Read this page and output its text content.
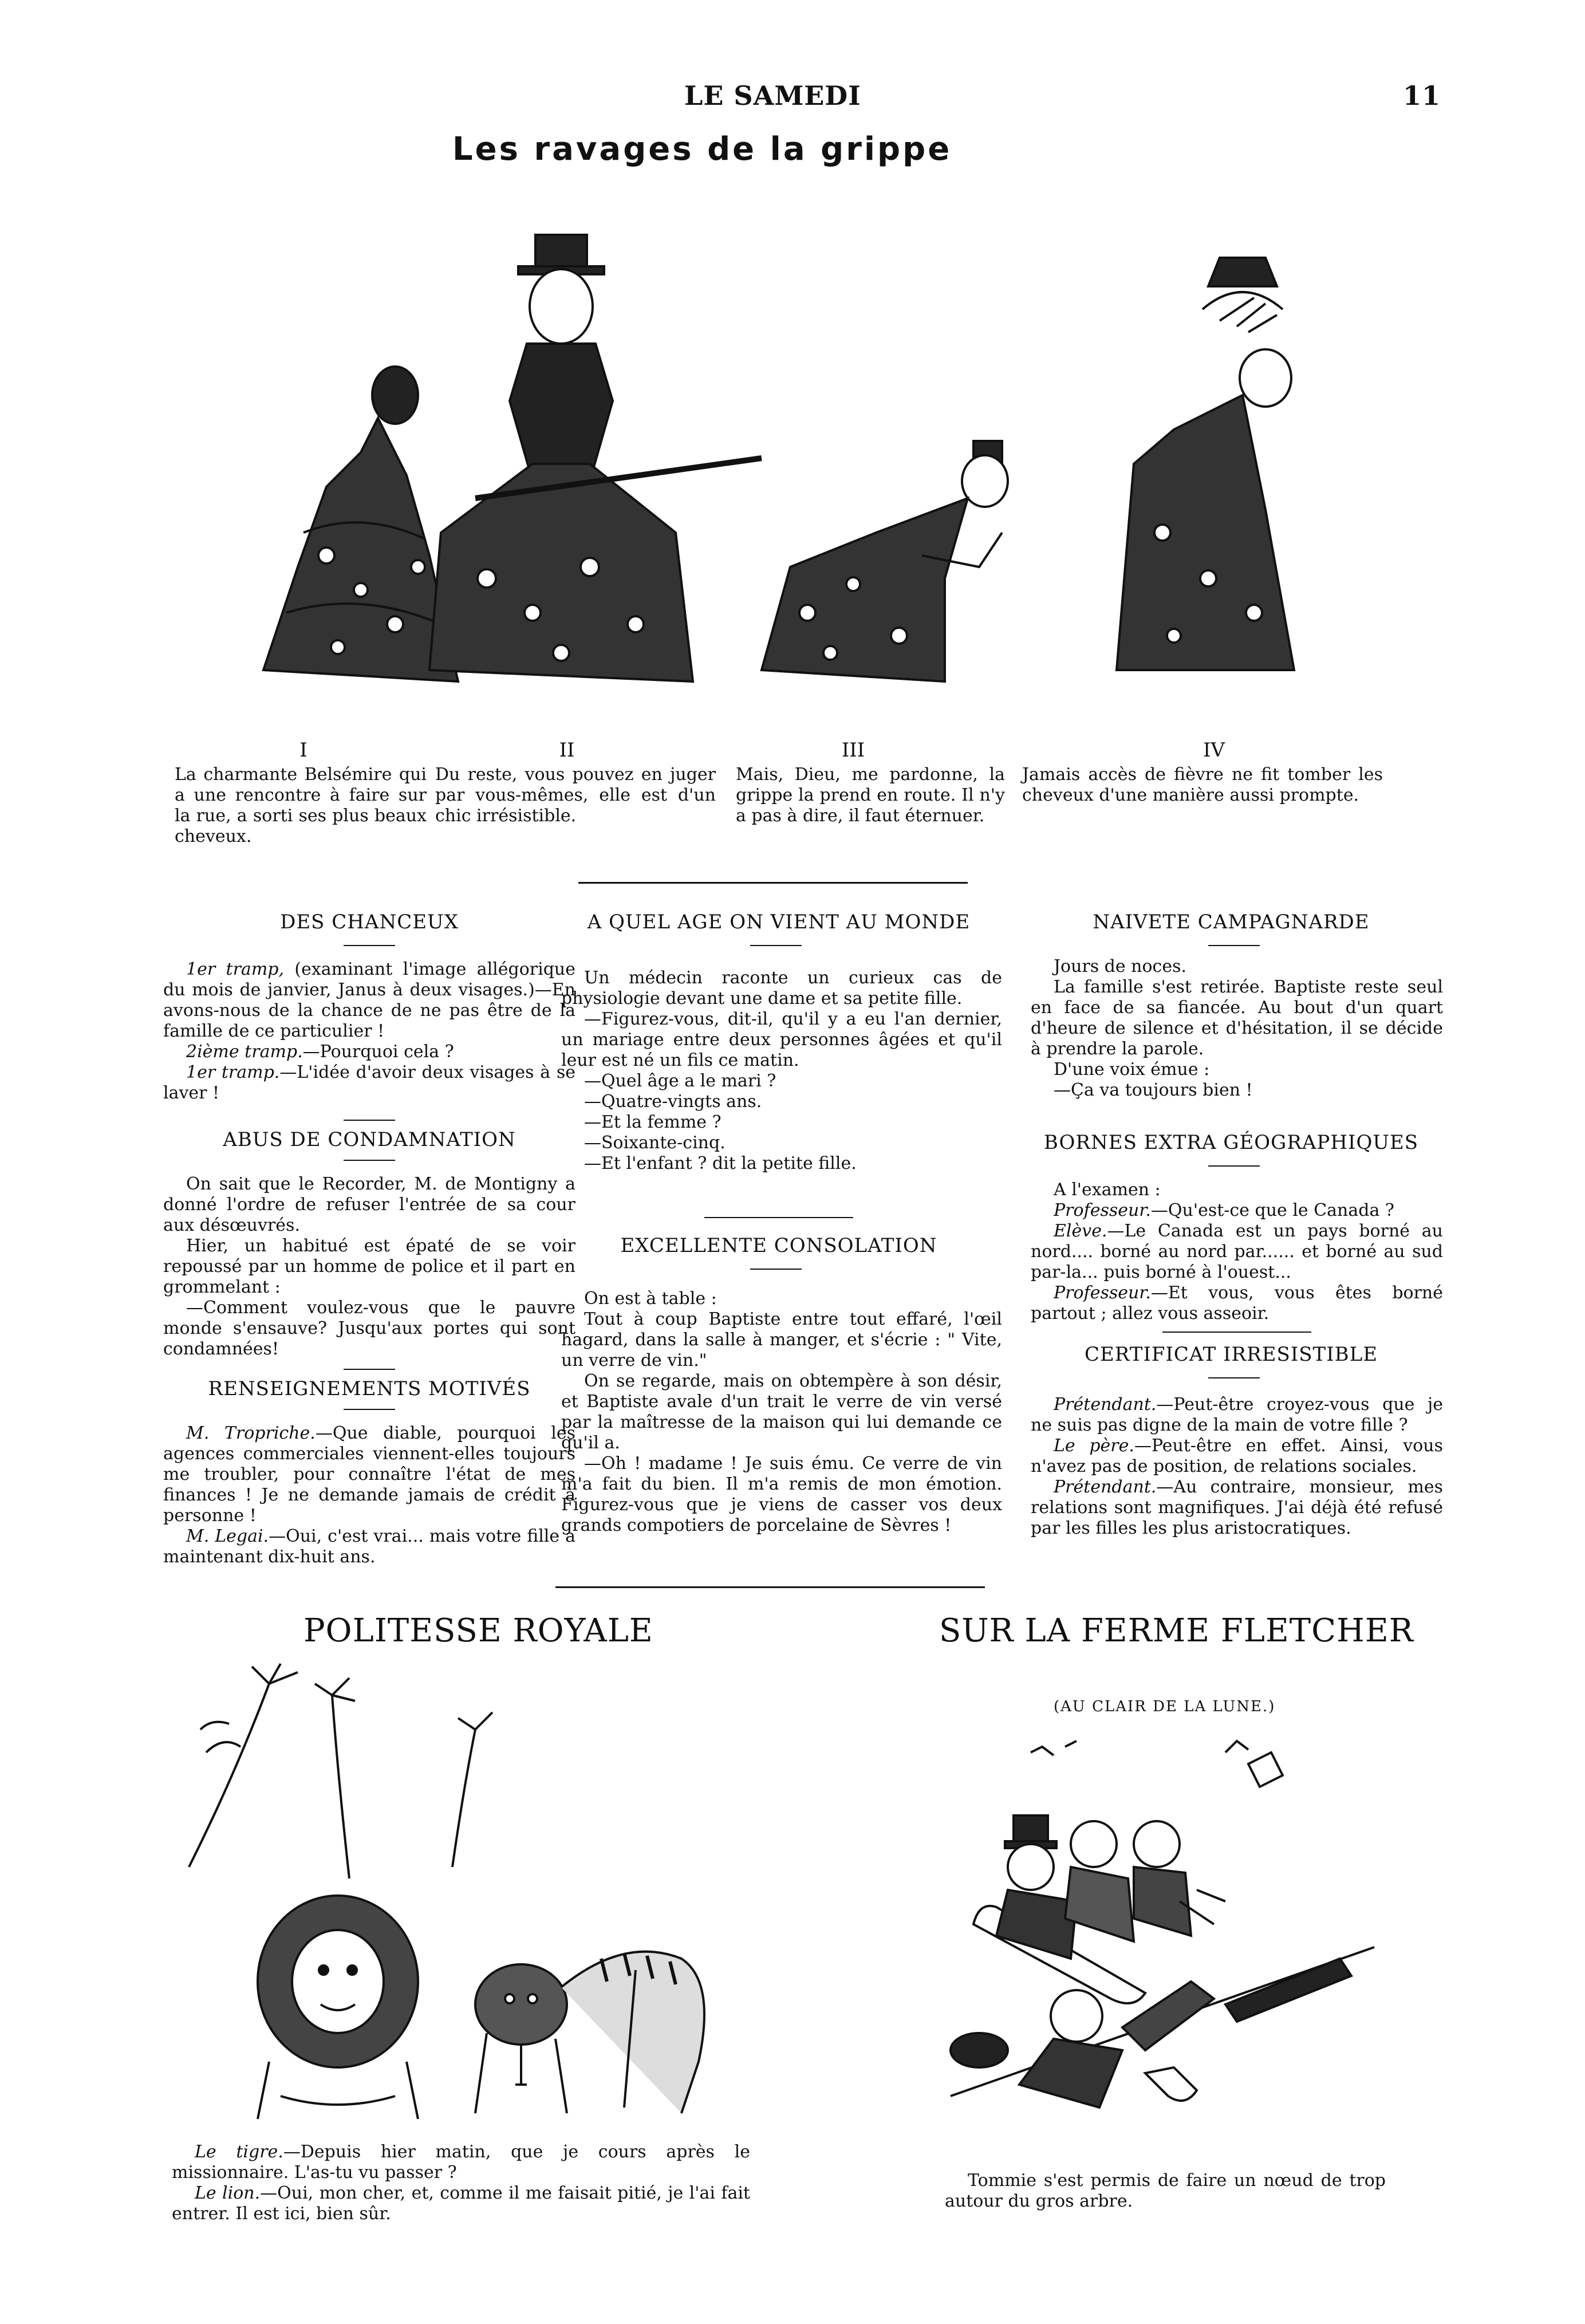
LE SAMEDI	11
Les ravages de la grippe
I	II	III	IV
La charmante Belsémire qui a une rencontre à faire sur la rue, a sorti ses plus beaux cheveux.
Du reste, vous pouvez en juger par vous-mêmes, elle est d'un chic irrésistible.
Mais, Dieu, me pardonne, la grippe la prend en route. Il n'y a pas à dire, il faut éternuer.
Jamais accès de fièvre ne fit tomber les cheveux d'une manière aussi prompte.
DES CHANCEUX

1er tramp, (examinant l'image allégorique du mois de janvier, Janus à deux visages.)—En avons-nous de la chance de ne pas être de la famille de ce particulier !

2ième tramp.—Pourquoi cela ?

1er tramp.—L'idée d'avoir deux visages à se laver !

ABUS DE CONDAMNATION

On sait que le Recorder, M. de Montigny a donné l'ordre de refuser l'entrée de sa cour aux désœuvrés.

Hier, un habitué est épaté de se voir repoussé par un homme de police et il part en grommelant :

—Comment voulez-vous que le pauvre monde s'ensauve? Jusqu'aux portes qui sont condamnées!

RENSEIGNEMENTS MOTIVÉS

M. Tropriche.—Que diable, pourquoi les agences commerciales viennent-elles toujours me troubler, pour connaître l'état de mes finances ! Je ne demande jamais de crédit à personne !

M. Legai.—Oui, c'est vrai... mais votre fille a maintenant dix-huit ans.

A QUEL AGE ON VIENT AU MONDE

Un médecin raconte un curieux cas de physiologie devant une dame et sa petite fille.

—Figurez-vous, dit-il, qu'il y a eu l'an dernier, un mariage entre deux personnes âgées et qu'il leur est né un fils ce matin.

—Quel âge a le mari ?

—Quatre-vingts ans.

—Et la femme ?

—Soixante-cinq.

—Et l'enfant ? dit la petite fille.

EXCELLENTE CONSOLATION

On est à table :

Tout à coup Baptiste entre tout effaré, l'œil hagard, dans la salle à manger, et s'écrie : " Vite, un verre de vin."

On se regarde, mais on obtempère à son désir, et Baptiste avale d'un trait le verre de vin versé par la maîtresse de la maison qui lui demande ce qu'il a.

—Oh ! madame ! Je suis ému. Ce verre de vin m'a fait du bien. Il m'a remis de mon émotion. Figurez-vous que je viens de casser vos deux grands compotiers de porcelaine de Sèvres !

NAIVETE CAMPAGNARDE

Jours de noces.

La famille s'est retirée. Baptiste reste seul en face de sa fiancée. Au bout d'un quart d'heure de silence et d'hésitation, il se décide à prendre la parole.

D'une voix émue :

—Ça va toujours bien !

BORNES EXTRA GÉOGRAPHIQUES

A l'examen :

Professeur.—Qu'est-ce que le Canada ?

Elève.—Le Canada est un pays borné au nord.... borné au nord par...... et borné au sud par-la... puis borné à l'ouest...

Professeur.—Et vous, vous êtes borné partout ; allez vous asseoir.

CERTIFICAT IRRESISTIBLE

Prétendant.—Peut-être croyez-vous que je ne suis pas digne de la main de votre fille ?

Le père.—Peut-être en effet. Ainsi, vous n'avez pas de position, de relations sociales.

Prétendant.—Au contraire, monsieur, mes relations sont magnifiques. J'ai déjà été refusé par les filles les plus aristocratiques.

POLITESSE ROYALE

Le tigre.—Depuis hier matin, que je cours après le missionnaire. L'as-tu vu passer ?

Le lion.—Oui, mon cher, et, comme il me faisait pitié, je l'ai fait entrer. Il est ici, bien sûr.

SUR LA FERME FLETCHER
(AU CLAIR DE LA LUNE.)
Tommie s'est permis de faire un nœud de trop autour du gros arbre.
